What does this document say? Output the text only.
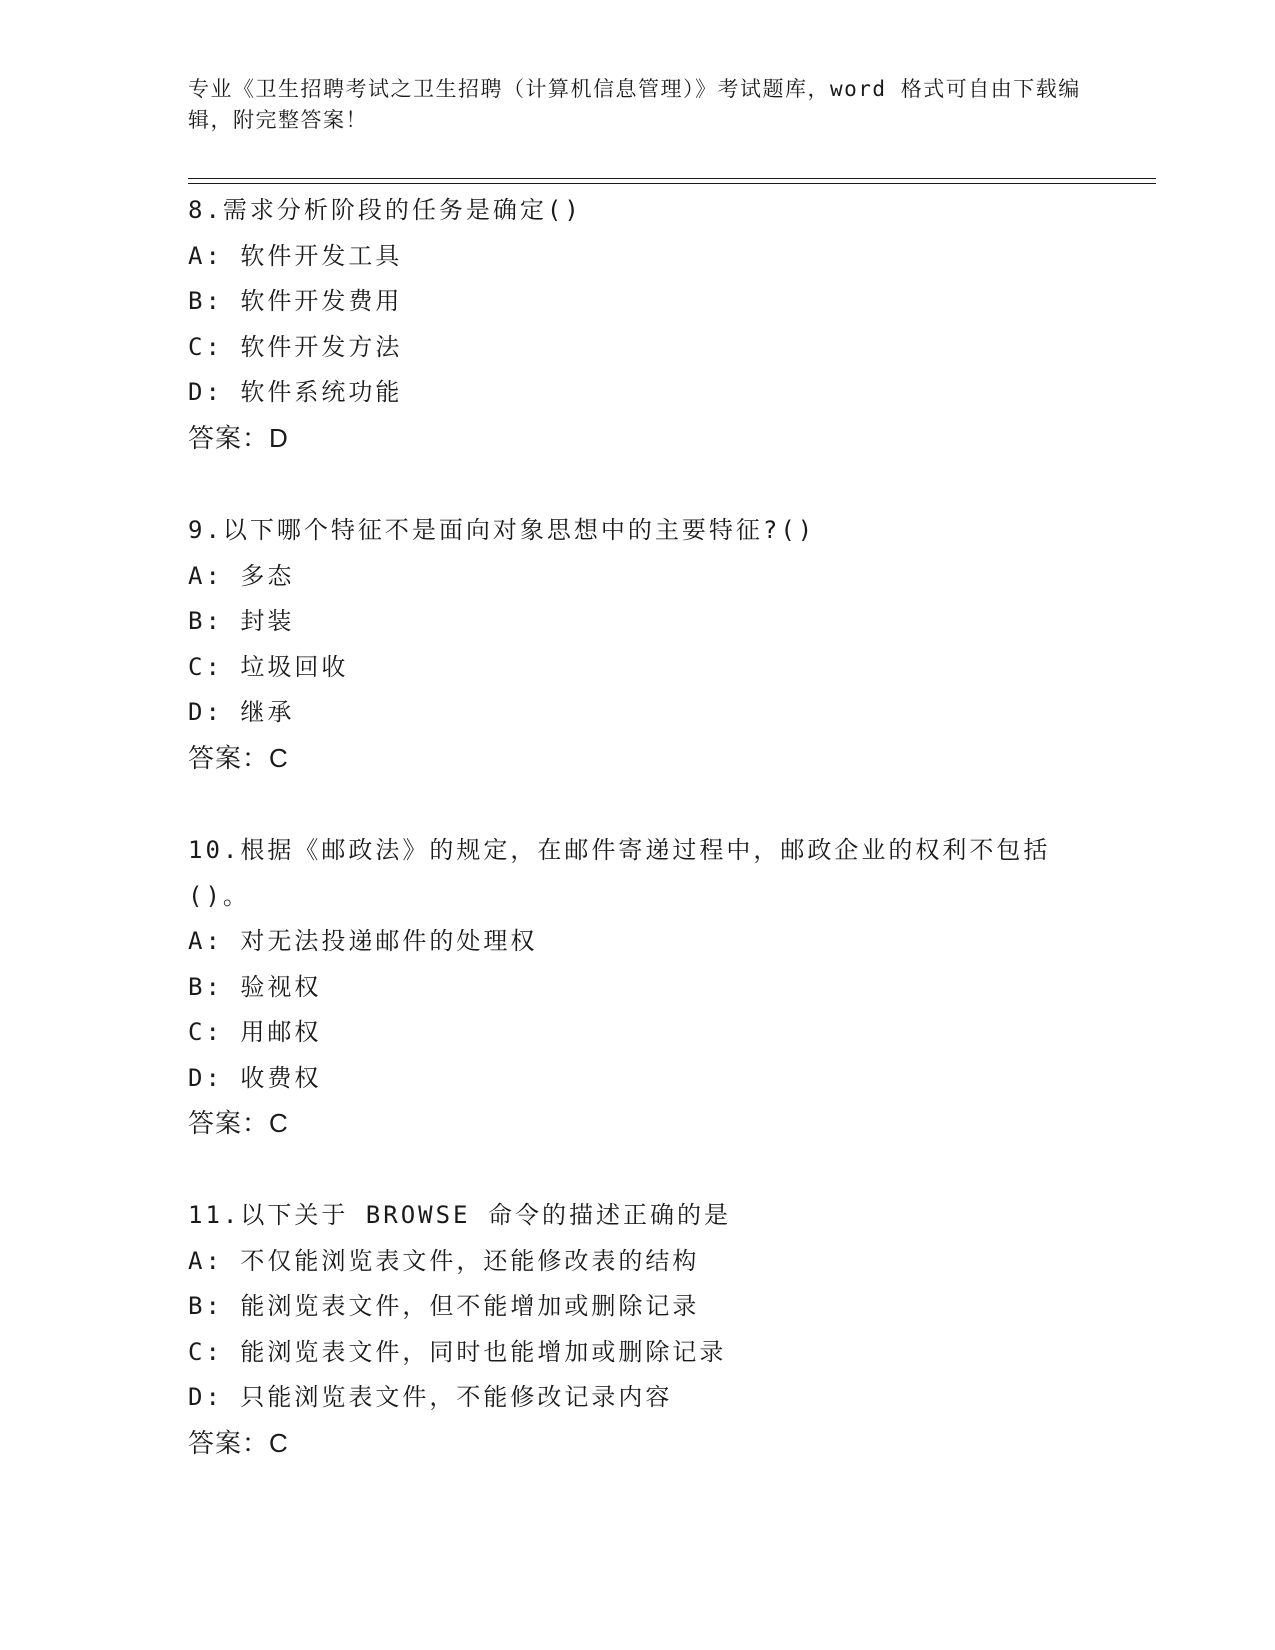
专业《卫生招聘考试之卫生招聘（计算机信息管理）》考试题库，word 格式可自由下载编辑，附完整答案！
8.需求分析阶段的任务是确定()
A: 软件开发工具
B: 软件开发费用
C: 软件开发方法
D: 软件系统功能
答案：D
9.以下哪个特征不是面向对象思想中的主要特征?()
A: 多态
B: 封装
C: 垃圾回收
D: 继承
答案：C
10.根据《邮政法》的规定，在邮件寄递过程中，邮政企业的权利不包括()。
A: 对无法投递邮件的处理权
B: 验视权
C: 用邮权
D: 收费权
答案：C
11.以下关于 BROWSE 命令的描述正确的是
A: 不仅能浏览表文件，还能修改表的结构
B: 能浏览表文件，但不能增加或删除记录
C: 能浏览表文件，同时也能增加或删除记录
D: 只能浏览表文件，不能修改记录内容
答案：C
